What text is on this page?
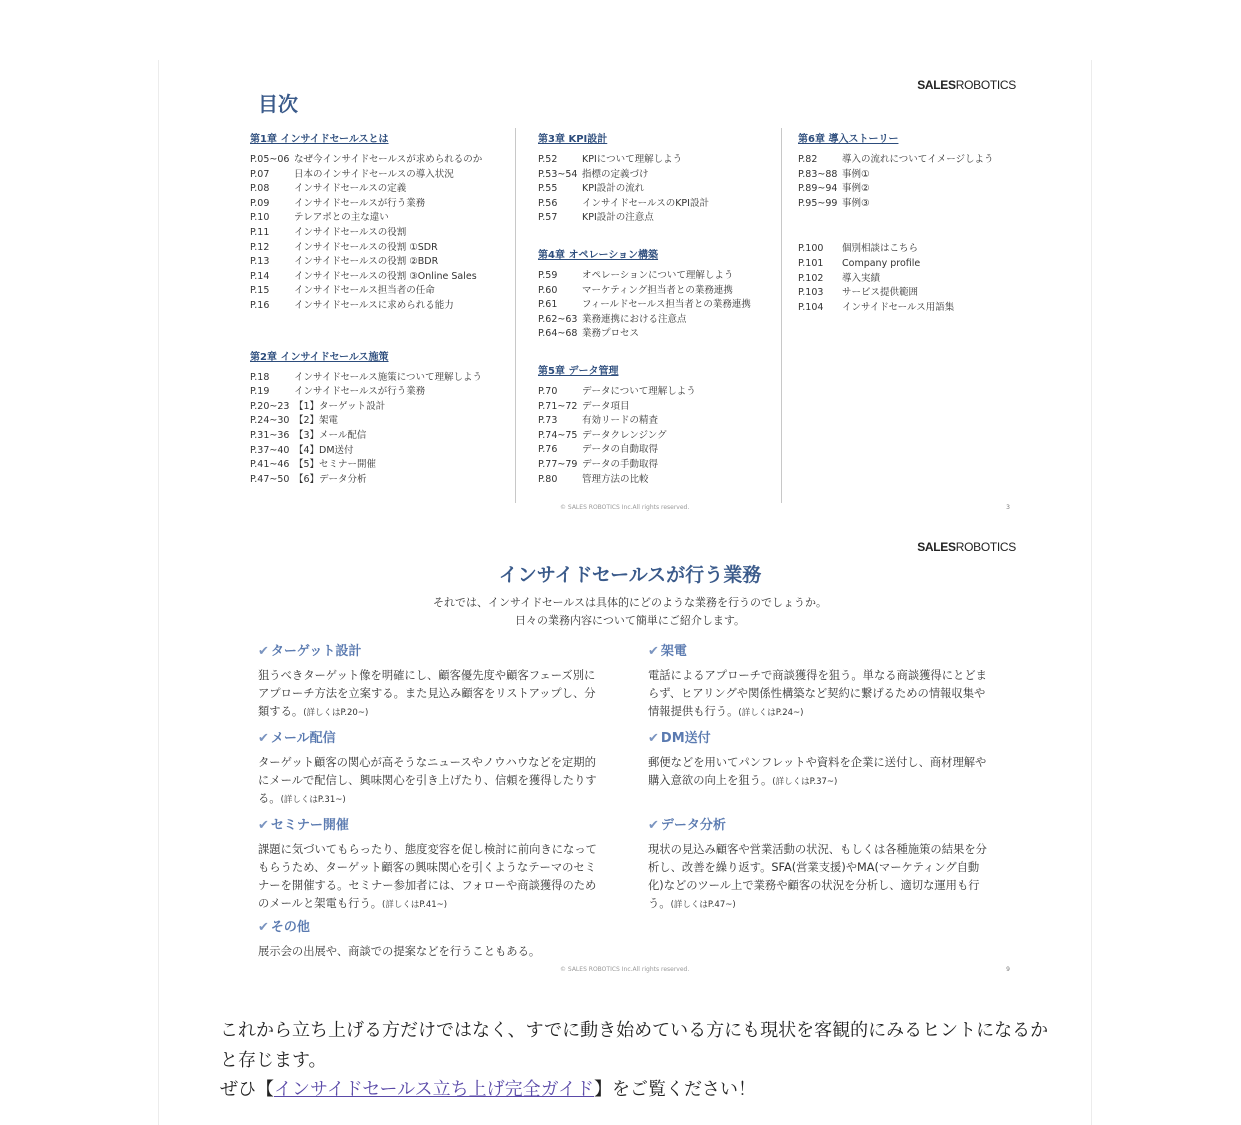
SALESROBOTICS
目次
第1章 インサイドセールスとは
P.05~06 なぜ今インサイドセールスが求められるのか
P.07	日本のインサイドセールスの導入状況
P.08	インサイドセールスの定義
P.09	インサイドセールスが行う業務
P.10	テレアポとの主な違い
P.11	インサイドセールスの役割
P.12	インサイドセールスの役割 ①SDR
P.13	インサイドセールスの役割 ②BDR
P.14	インサイドセールスの役割 ③Online Sales
P.15	インサイドセールス担当者の任命
P.16	インサイドセールスに求められる能力
第2章 インサイドセールス施策
P.18	インサイドセールス施策について理解しよう
P.19	インサイドセールスが行う業務
P.20~23 【1】ターゲット設計
P.24~30 【2】架電
P.31~36 【3】メール配信
P.37~40 【4】DM送付
P.41~46 【5】セミナー開催
P.47~50 【6】データ分析
第3章 KPI設計
P.52	KPIについて理解しよう
P.53~54 指標の定義づけ
P.55	KPI設計の流れ
P.56	インサイドセールスのKPI設計
P.57	KPI設計の注意点
第4章 オペレーション構築
P.59	オペレーションについて理解しよう
P.60	マーケティング担当者との業務連携
P.61	フィールドセールス担当者との業務連携
P.62~63 業務連携における注意点
P.64~68 業務プロセス
第5章 データ管理
P.70	データについて理解しよう
P.71~72 データ項目
P.73	有効リードの精査
P.74~75 データクレンジング
P.76	データの自動取得
P.77~79 データの手動取得
P.80	管理方法の比較
第6章 導入ストーリー
P.82	導入の流れについてイメージしよう
P.83~88 事例①
P.89~94 事例②
P.95~99 事例③
P.100	個別相談はこちら
P.101	Company profile
P.102	導入実績
P.103	サービス提供範囲
P.104	インサイドセールス用語集
© SALES ROBOTICS Inc.All rights reserved.	3
SALESROBOTICS
インサイドセールスが行う業務
それでは、インサイドセールスは具体的にどのような業務を行うのでしょうか。
日々の業務内容について簡単にご紹介します。
✔ ターゲット設計

狙うべきターゲット像を明確にし、顧客優先度や顧客フェーズ別にアプローチ方法を立案する。また見込み顧客をリストアップし、分類する。(詳しくはP.20~)

✔ 架電

電話によるアプローチで商談獲得を狙う。単なる商談獲得にとどまらず、ヒアリングや関係性構築など契約に繋げるための情報収集や情報提供も行う。(詳しくはP.24~)

✔ メール配信

ターゲット顧客の関心が高そうなニュースやノウハウなどを定期的にメールで配信し、興味関心を引き上げたり、信頼を獲得したりする。(詳しくはP.31~)

✔ DM送付

郵便などを用いてパンフレットや資料を企業に送付し、商材理解や購入意欲の向上を狙う。(詳しくはP.37~)

✔ セミナー開催

課題に気づいてもらったり、態度変容を促し検討に前向きになってもらうため、ターゲット顧客の興味関心を引くようなテーマのセミナーを開催する。セミナー参加者には、フォローや商談獲得のためのメールと架電も行う。(詳しくはP.41~)

✔ データ分析

現状の見込み顧客や営業活動の状況、もしくは各種施策の結果を分析し、改善を繰り返す。SFA(営業支援)やMA(マーケティング自動化)などのツール上で業務や顧客の状況を分析し、適切な運用も行う。(詳しくはP.47~)

✔ その他

展示会の出展や、商談での提案などを行うこともある。

© SALES ROBOTICS Inc.All rights reserved.	9
これから立ち上げる方だけではなく、すでに動き始めている方にも現状を客観的にみるヒントになるかと存じます。
ぜひ【インサイドセールス立ち上げ完全ガイド】をご覧ください！
